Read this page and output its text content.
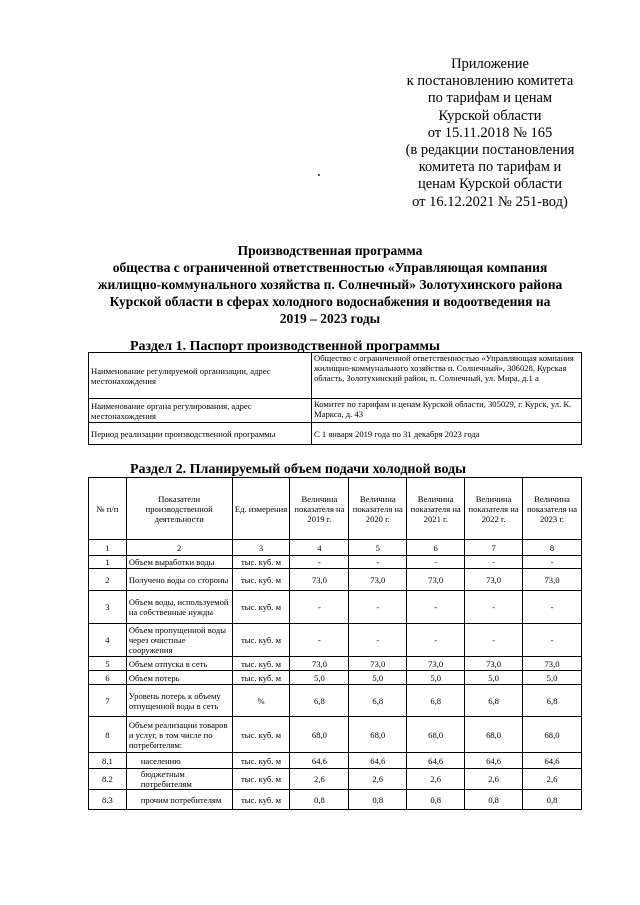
Приложение
к постановлению комитета
по тарифам и ценам
Курской области
от 15.11.2018 № 165
(в редакции постановления
комитета по тарифам и
ценам Курской области
от 16.12.2021 № 251-вод)
Производственная программа
общества с ограниченной ответственностью «Управляющая компания
жилищно-коммунального хозяйства п. Солнечный» Золотухинского района
Курской области в сферах холодного водоснабжения и водоотведения на
2019 – 2023 годы
Раздел 1. Паспорт производственной программы
Наименование регулируемой организации, адрес местонахождения	Общество с ограниченной ответственностью «Управляющая компания жилищно-коммунального хозяйства п. Солнечный», 306028, Курская область, Золотухинский район, п. Солнечный, ул. Мира, д.1 а
Наименование органа регулирования, адрес местонахождения	Комитет по тарифам и ценам Курской области, 305029, г. Курск, ул. К. Маркса, д. 43
Период реализации производственной программы	С 1 января 2019 года по 31 декабря 2023 года
Раздел 2. Планируемый объем подачи холодной воды
№ п/п	Показатели производственной деятельности	Ед. измерения	Величина показателя на 2019 г.	Величина показателя на 2020 г.	Величина показателя на 2021 г.	Величина показателя на 2022 г.	Величина показателя на 2023 г.
1	2	3	4	5	6	7	8
1	Объем выработки воды	тыс. куб. м	-	-	-	-	-
2	Получено воды со стороны	тыс. куб. м	73,0	73,0	73,0	73,0	73,0
3	Объем воды, используемой на собственные нужды	тыс. куб. м	-	-	-	-	-
4	Объем пропущенной воды через очистные сооружения	тыс. куб. м	-	-	-	-	-
5	Объем отпуска в сеть	тыс. куб. м	73,0	73,0	73,0	73,0	73,0
6	Объем потерь	тыс. куб. м	5,0	5,0	5,0	5,0	5,0
7	Уровень потерь к объему отпущенной воды в сеть	%	6,8	6,8	6,8	6,8	6,8
8	Объем реализации товаров и услуг, в том числе по потребителям:	тыс. куб. м	68,0	68,0	68,0	68,0	68,0
8.1	населению	тыс. куб. м	64,6	64,6	64,6	64,6	64,6
8.2	бюджетным потребителям	тыс. куб. м	2,6	2,6	2,6	2,6	2,6
8.3	прочим потребителям	тыс. куб. м	0,8	0,8	0,8	0,8	0,8
